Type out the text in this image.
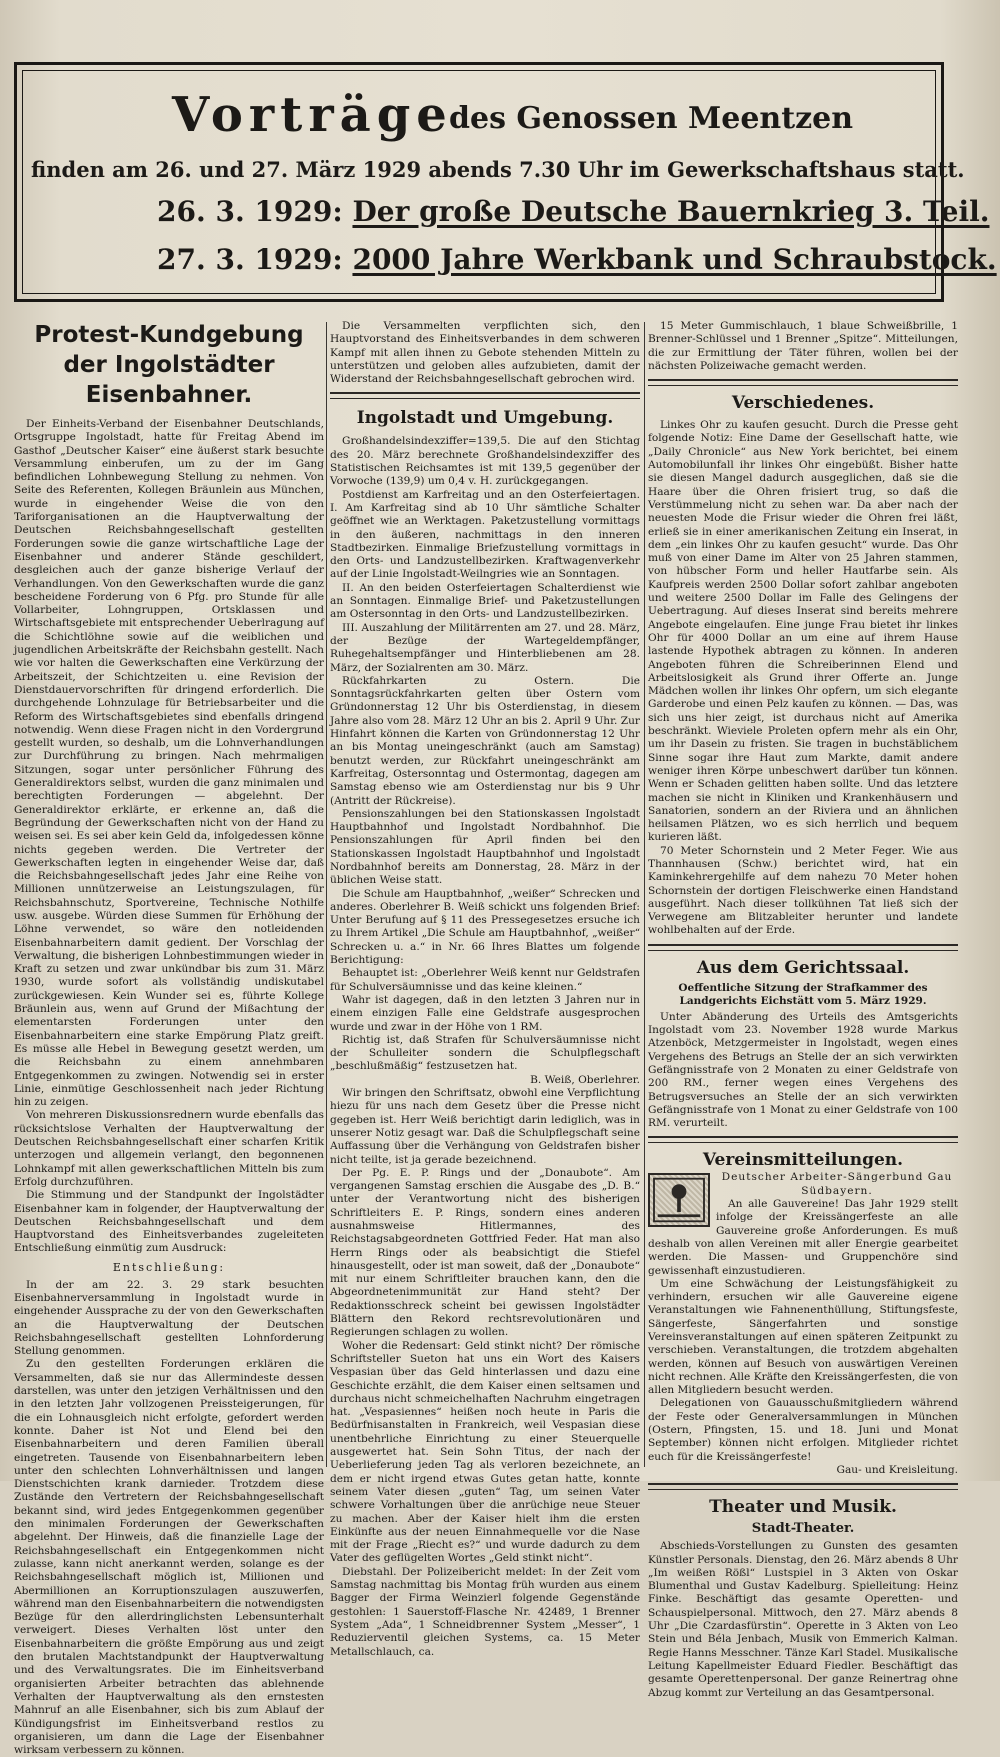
Vorträge
des Genossen Meentzen
finden am 26. und 27. März 1929 abends 7.30 Uhr im Gewerkschaftshaus statt.
26. 3. 1929: Der große Deutsche Bauernkrieg 3. Teil.
27. 3. 1929: 2000 Jahre Werkbank und Schraubstock.

Protest-Kundgebung

der Ingolstädter Eisenbahner.

Der Einheits-Verband der Eisenbahner Deutschlands, Ortsgruppe Ingolstadt, hatte für Freitag Abend im Gasthof „Deutscher Kaiser“ eine äußerst stark besuchte Versammlung einberufen, um zu der im Gang befindlichen Lohnbewegung Stellung zu nehmen. Von Seite des Referenten, Kollegen Bräunlein aus München, wurde in eingehender Weise die von den Tariforganisationen an die Hauptverwaltung der Deutschen Reichsbahngesellschaft gestellten Forderungen sowie die ganze wirtschaftliche Lage der Eisenbahner und anderer Stände geschildert, desgleichen auch der ganze bisherige Verlauf der Verhandlungen. Von den Gewerkschaften wurde die ganz bescheidene Forderung von 6 Pfg. pro Stunde für alle Vollarbeiter, Lohngruppen, Ortsklassen und Wirtschaftsgebiete mit entsprechender Ueberlragung auf die Schichtlöhne sowie auf die weiblichen und jugendlichen Arbeitskräfte der Reichsbahn gestellt. Nach wie vor halten die Gewerkschaften eine Verkürzung der Arbeitszeit, der Schichtzeiten u. eine Revision der Dienstdauervorschriften für dringend erforderlich. Die durchgehende Lohnzulage für Betriebsarbeiter und die Reform des Wirtschaftsgebietes sind ebenfalls dringend notwendig. Wenn diese Fragen nicht in den Vordergrund gestellt wurden, so deshalb, um die Lohnverhandlungen zur Durchführung zu bringen. Nach mehrmaligen Sitzungen, sogar unter persönlicher Führung des Generaldirektors selbst, wurden die ganz minimalen und berechtigten Forderungen — abgelehnt. Der Generaldirektor erklärte, er erkenne an, daß die Begründung der Gewerkschaften nicht von der Hand zu weisen sei. Es sei aber kein Geld da, infolgedessen könne nichts gegeben werden. Die Vertreter der Gewerkschaften legten in eingehender Weise dar, daß die Reichsbahngesellschaft jedes Jahr eine Reihe von Millionen unnützerweise an Leistungszulagen, für Reichsbahnschutz, Sportvereine, Technische Nothilfe usw. ausgebe. Würden diese Summen für Erhöhung der Löhne verwendet, so wäre den notleidenden Eisenbahnarbeitern damit gedient. Der Vorschlag der Verwaltung, die bisherigen Lohnbestimmungen wieder in Kraft zu setzen und zwar unkündbar bis zum 31. März 1930, wurde sofort als vollständig undiskutabel zurückgewiesen. Kein Wunder sei es, führte Kollege Bräunlein aus, wenn auf Grund der Mißachtung der elementarsten Forderungen unter den Eisenbahnarbeitern eine starke Empörung Platz greift. Es müsse alle Hebel in Bewegung gesetzt werden, um die Reichsbahn zu einem annehmbaren Entgegenkommen zu zwingen. Notwendig sei in erster Linie, einmütige Geschlossenheit nach jeder Richtung hin zu zeigen.

Von mehreren Diskussionsrednern wurde ebenfalls das rücksichtslose Verhalten der Hauptverwaltung der Deutschen Reichsbahngesellschaft einer scharfen Kritik unterzogen und allgemein verlangt, den begonnenen Lohnkampf mit allen gewerkschaftlichen Mitteln bis zum Erfolg durchzuführen.

Die Stimmung und der Standpunkt der Ingolstädter Eisenbahner kam in folgender, der Hauptverwaltung der Deutschen Reichsbahngesellschaft und dem Hauptvorstand des Einheitsverbandes zugeleiteten Entschließung einmütig zum Ausdruck:

Entschließung:

In der am 22. 3. 29 stark besuchten Eisenbahnerversammlung in Ingolstadt wurde in eingehender Aussprache zu der von den Gewerkschaften an die Hauptverwaltung der Deutschen Reichsbahngesellschaft gestellten Lohnforderung Stellung genommen.

Zu den gestellten Forderungen erklären die Versammelten, daß sie nur das Allermindeste dessen darstellen, was unter den jetzigen Verhältnissen und den in den letzten Jahr vollzogenen Preissteigerungen, für die ein Lohnausgleich nicht erfolgte, gefordert werden konnte. Daher ist Not und Elend bei den Eisenbahnarbeitern und deren Familien überall eingetreten. Tausende von Eisenbahnarbeitern leben unter den schlechten Lohnverhältnissen und langen Dienstschichten krank darnieder. Trotzdem diese Zustände den Vertretern der Reichsbahngesellschaft bekannt sind, wird jedes Entgegenkommen gegenüber den minimalen Forderungen der Gewerkschaften abgelehnt. Der Hinweis, daß die finanzielle Lage der Reichsbahngesellschaft ein Entgegenkommen nicht zulasse, kann nicht anerkannt werden, solange es der Reichsbahngesellschaft möglich ist, Millionen und Abermillionen an Korruptionszulagen auszuwerfen, während man den Eisenbahnarbeitern die notwendigsten Bezüge für den allerdringlichsten Lebensunterhalt verweigert. Dieses Verhalten löst unter den Eisenbahnarbeitern die größte Empörung aus und zeigt den brutalen Machtstandpunkt der Hauptverwaltung und des Verwaltungsrates. Die im Einheitsverband organisierten Arbeiter betrachten das ablehnende Verhalten der Hauptverwaltung als den ernstesten Mahnruf an alle Eisenbahner, sich bis zum Ablauf der Kündigungsfrist im Einheitsverband restlos zu organisieren, um dann die Lage der Eisenbahner wirksam verbessern zu können.

Die Versammelten verpflichten sich, den Hauptvorstand des Einheitsverbandes in dem schweren Kampf mit allen ihnen zu Gebote stehenden Mitteln zu unterstützen und geloben alles aufzubieten, damit der Widerstand der Reichsbahngesellschaft gebrochen wird.

Ingolstadt und Umgebung.

Großhandelsindexziffer=139,5. Die auf den Stichtag des 20. März berechnete Großhandelsindexziffer des Statistischen Reichsamtes ist mit 139,5 gegenüber der Vorwoche (139,9) um 0,4 v. H. zurückgegangen.

Postdienst am Karfreitag und an den Osterfeiertagen. I. Am Karfreitag sind ab 10 Uhr sämtliche Schalter geöffnet wie an Werktagen. Paketzustellung vormittags in den äußeren, nachmittags in den inneren Stadtbezirken. Einmalige Briefzustellung vormittags in den Orts- und Landzustellbezirken. Kraftwagenverkehr auf der Linie Ingolstadt-Weilngries wie an Sonntagen.

II. An den beiden Osterfeiertagen Schalterdienst wie an Sonntagen. Einmalige Brief- und Paketzustellungen am Ostersonntag in den Orts- und Landzustellbezirken.

III. Auszahlung der Militärrenten am 27. und 28. März, der Bezüge der Wartegeldempfänger, Ruhegehaltsempfänger und Hinterbliebenen am 28. März, der Sozialrenten am 30. März.

Rückfahrkarten zu Ostern. Die Sonntagsrückfahrkarten gelten über Ostern vom Gründonnerstag 12 Uhr bis Osterdienstag, in diesem Jahre also vom 28. März 12 Uhr an bis 2. April 9 Uhr. Zur Hinfahrt können die Karten von Gründonnerstag 12 Uhr an bis Montag uneingeschränkt (auch am Samstag) benutzt werden, zur Rückfahrt uneingeschränkt am Karfreitag, Ostersonntag und Ostermontag, dagegen am Samstag ebenso wie am Osterdienstag nur bis 9 Uhr (Antritt der Rückreise).

Pensionszahlungen bei den Stationskassen Ingolstadt Hauptbahnhof und Ingolstadt Nordbahnhof. Die Pensionszahlungen für April finden bei den Stationskassen Ingolstadt Hauptbahnhof und Ingolstadt Nordbahnhof bereits am Donnerstag, 28. März in der üblichen Weise statt.

Die Schule am Hauptbahnhof, „weißer“ Schrecken und anderes. Oberlehrer B. Weiß schickt uns folgenden Brief: Unter Berufung auf § 11 des Pressegesetzes ersuche ich zu Ihrem Artikel „Die Schule am Hauptbahnhof, „weißer“ Schrecken u. a.“ in Nr. 66 Ihres Blattes um folgende Berichtigung:

Behauptet ist: „Oberlehrer Weiß kennt nur Geldstrafen für Schulversäumnisse und das keine kleinen.“

Wahr ist dagegen, daß in den letzten 3 Jahren nur in einem einzigen Falle eine Geldstrafe ausgesprochen wurde und zwar in der Höhe von 1 RM.

Richtig ist, daß Strafen für Schulversäumnisse nicht der Schulleiter sondern die Schulpflegschaft „beschlußmäßig“ festzusetzen hat.

B. Weiß, Oberlehrer.

Wir bringen den Schriftsatz, obwohl eine Verpflichtung hiezu für uns nach dem Gesetz über die Presse nicht gegeben ist. Herr Weiß berichtigt darin lediglich, was in unserer Notiz gesagt war. Daß die Schulpflegschaft seine Auffassung über die Verhängung von Geldstrafen bisher nicht teilte, ist ja gerade bezeichnend.

Der Pg. E. P. Rings und der „Donaubote“. Am vergangenen Samstag erschien die Ausgabe des „D. B.“ unter der Verantwortung nicht des bisherigen Schriftleiters E. P. Rings, sondern eines anderen ausnahmsweise Hitlermannes, des Reichstagsabgeordneten Gottfried Feder. Hat man also Herrn Rings oder als beabsichtigt die Stiefel hinausgestellt, oder ist man soweit, daß der „Donaubote“ mit nur einem Schriftleiter brauchen kann, den die Abgeordnetenimmunität zur Hand steht? Der Redaktionsschreck scheint bei gewissen Ingolstädter Blättern den Rekord rechtsrevolutionären und Regierungen schlagen zu wollen.

Woher die Redensart: Geld stinkt nicht? Der römische Schriftsteller Sueton hat uns ein Wort des Kaisers Vespasian über das Geld hinterlassen und dazu eine Geschichte erzählt, die dem Kaiser einen seltsamen und durchaus nicht schmeichelhaften Nachruhm eingetragen hat. „Vespasiennes“ heißen noch heute in Paris die Bedürfnisanstalten in Frankreich, weil Vespasian diese unentbehrliche Einrichtung zu einer Steuerquelle ausgewertet hat. Sein Sohn Titus, der nach der Ueberlieferung jeden Tag als verloren bezeichnete, an dem er nicht irgend etwas Gutes getan hatte, konnte seinem Vater diesen „guten“ Tag, um seinen Vater schwere Vorhaltungen über die anrüchige neue Steuer zu machen. Aber der Kaiser hielt ihm die ersten Einkünfte aus der neuen Einnahmequelle vor die Nase mit der Frage „Riecht es?“ und wurde dadurch zu dem Vater des geflügelten Wortes „Geld stinkt nicht“.

Diebstahl. Der Polizeibericht meldet: In der Zeit vom Samstag nachmittag bis Montag früh wurden aus einem Bagger der Firma Weinzierl folgende Gegenstände gestohlen: 1 Sauerstoff-Flasche Nr. 42489, 1 Brenner System „Ada“, 1 Schneidbrenner System „Messer“, 1 Reduzierventil gleichen Systems, ca. 15 Meter Metallschlauch, ca.

15 Meter Gummischlauch, 1 blaue Schweißbrille, 1 Brenner-Schlüssel und 1 Brenner „Spitze“. Mitteilungen, die zur Ermittlung der Täter führen, wollen bei der nächsten Polizeiwache gemacht werden.

Verschiedenes.

Linkes Ohr zu kaufen gesucht. Durch die Presse geht folgende Notiz: Eine Dame der Gesellschaft hatte, wie „Daily Chronicle“ aus New York berichtet, bei einem Automobilunfall ihr linkes Ohr eingebüßt. Bisher hatte sie diesen Mangel dadurch ausgeglichen, daß sie die Haare über die Ohren frisiert trug, so daß die Verstümmelung nicht zu sehen war. Da aber nach der neuesten Mode die Frisur wieder die Ohren frei läßt, erließ sie in einer amerikanischen Zeitung ein Inserat, in dem „ein linkes Ohr zu kaufen gesucht“ wurde. Das Ohr muß von einer Dame im Alter von 25 Jahren stammen, von hübscher Form und heller Hautfarbe sein. Als Kaufpreis werden 2500 Dollar sofort zahlbar angeboten und weitere 2500 Dollar im Falle des Gelingens der Uebertragung. Auf dieses Inserat sind bereits mehrere Angebote eingelaufen. Eine junge Frau bietet ihr linkes Ohr für 4000 Dollar an um eine auf ihrem Hause lastende Hypothek abtragen zu können. In anderen Angeboten führen die Schreiberinnen Elend und Arbeitslosigkeit als Grund ihrer Offerte an. Junge Mädchen wollen ihr linkes Ohr opfern, um sich elegante Garderobe und einen Pelz kaufen zu können. — Das, was sich uns hier zeigt, ist durchaus nicht auf Amerika beschränkt. Wieviele Proleten opfern mehr als ein Ohr, um ihr Dasein zu fristen. Sie tragen in buchstäblichem Sinne sogar ihre Haut zum Markte, damit andere weniger ihren Körpe unbeschwert darüber tun können. Wenn er Schaden gelitten haben sollte. Und das letztere machen sie nicht in Kliniken und Krankenhäusern und Sanatorien, sondern an der Riviera und an ähnlichen heilsamen Plätzen, wo es sich herrlich und bequem kurieren läßt.

70 Meter Schornstein und 2 Meter Feger. Wie aus Thannhausen (Schw.) berichtet wird, hat ein Kaminkehrergehilfe auf dem nahezu 70 Meter hohen Schornstein der dortigen Fleischwerke einen Handstand ausgeführt. Nach dieser tollkühnen Tat ließ sich der Verwegene am Blitzableiter herunter und landete wohlbehalten auf der Erde.

Aus dem Gerichtssaal.

Oeffentliche Sitzung der Strafkammer des Landgerichts Eichstätt vom 5. März 1929.

Unter Abänderung des Urteils des Amtsgerichts Ingolstadt vom 23. November 1928 wurde Markus Atzenböck, Metzgermeister in Ingolstadt, wegen eines Vergehens des Betrugs an Stelle der an sich verwirkten Gefängnisstrafe von 2 Monaten zu einer Geldstrafe von 200 RM., ferner wegen eines Vergehens des Betrugsversuches an Stelle der an sich verwirkten Gefängnisstrafe von 1 Monat zu einer Geldstrafe von 100 RM. verurteilt.

Vereinsmitteilungen.

Deutscher Arbeiter-Sängerbund Gau Südbayern.

An alle Gauvereine! Das Jahr 1929 stellt infolge der Kreissängerfeste an alle Gauvereine große Anforderungen. Es muß deshalb von allen Vereinen mit aller Energie gearbeitet werden. Die Massen- und Gruppenchöre sind gewissenhaft einzustudieren.

Um eine Schwächung der Leistungsfähigkeit zu verhindern, ersuchen wir alle Gauvereine eigene Veranstaltungen wie Fahnenenthüllung, Stiftungsfeste, Sängerfeste, Sängerfahrten und sonstige Vereinsveranstaltungen auf einen späteren Zeitpunkt zu verschieben. Veranstaltungen, die trotzdem abgehalten werden, können auf Besuch von auswärtigen Vereinen nicht rechnen. Alle Kräfte den Kreissängerfesten, die von allen Mitgliedern besucht werden.

Delegationen von Gauausschußmitgliedern während der Feste oder Generalversammlungen in München (Ostern, Pfingsten, 15. und 18. Juni und Monat September) können nicht erfolgen. Mitglieder richtet euch für die Kreissängerfeste!

Gau- und Kreisleitung.

Theater und Musik.

Stadt-Theater.

Abschieds-Vorstellungen zu Gunsten des gesamten Künstler Personals. Dienstag, den 26. März abends 8 Uhr „Im weißen Rößl“ Lustspiel in 3 Akten von Oskar Blumenthal und Gustav Kadelburg. Spielleitung: Heinz Finke. Beschäftigt das gesamte Operetten- und Schauspielpersonal. Mittwoch, den 27. März abends 8 Uhr „Die Czardasfürstin“. Operette in 3 Akten von Leo Stein und Béla Jenbach, Musik von Emmerich Kalman. Regie Hanns Messchner. Tänze Karl Stadel. Musikalische Leitung Kapellmeister Eduard Fiedler. Beschäftigt das gesamte Operettenpersonal. Der ganze Reinertrag ohne Abzug kommt zur Verteilung an das Gesamtpersonal.
